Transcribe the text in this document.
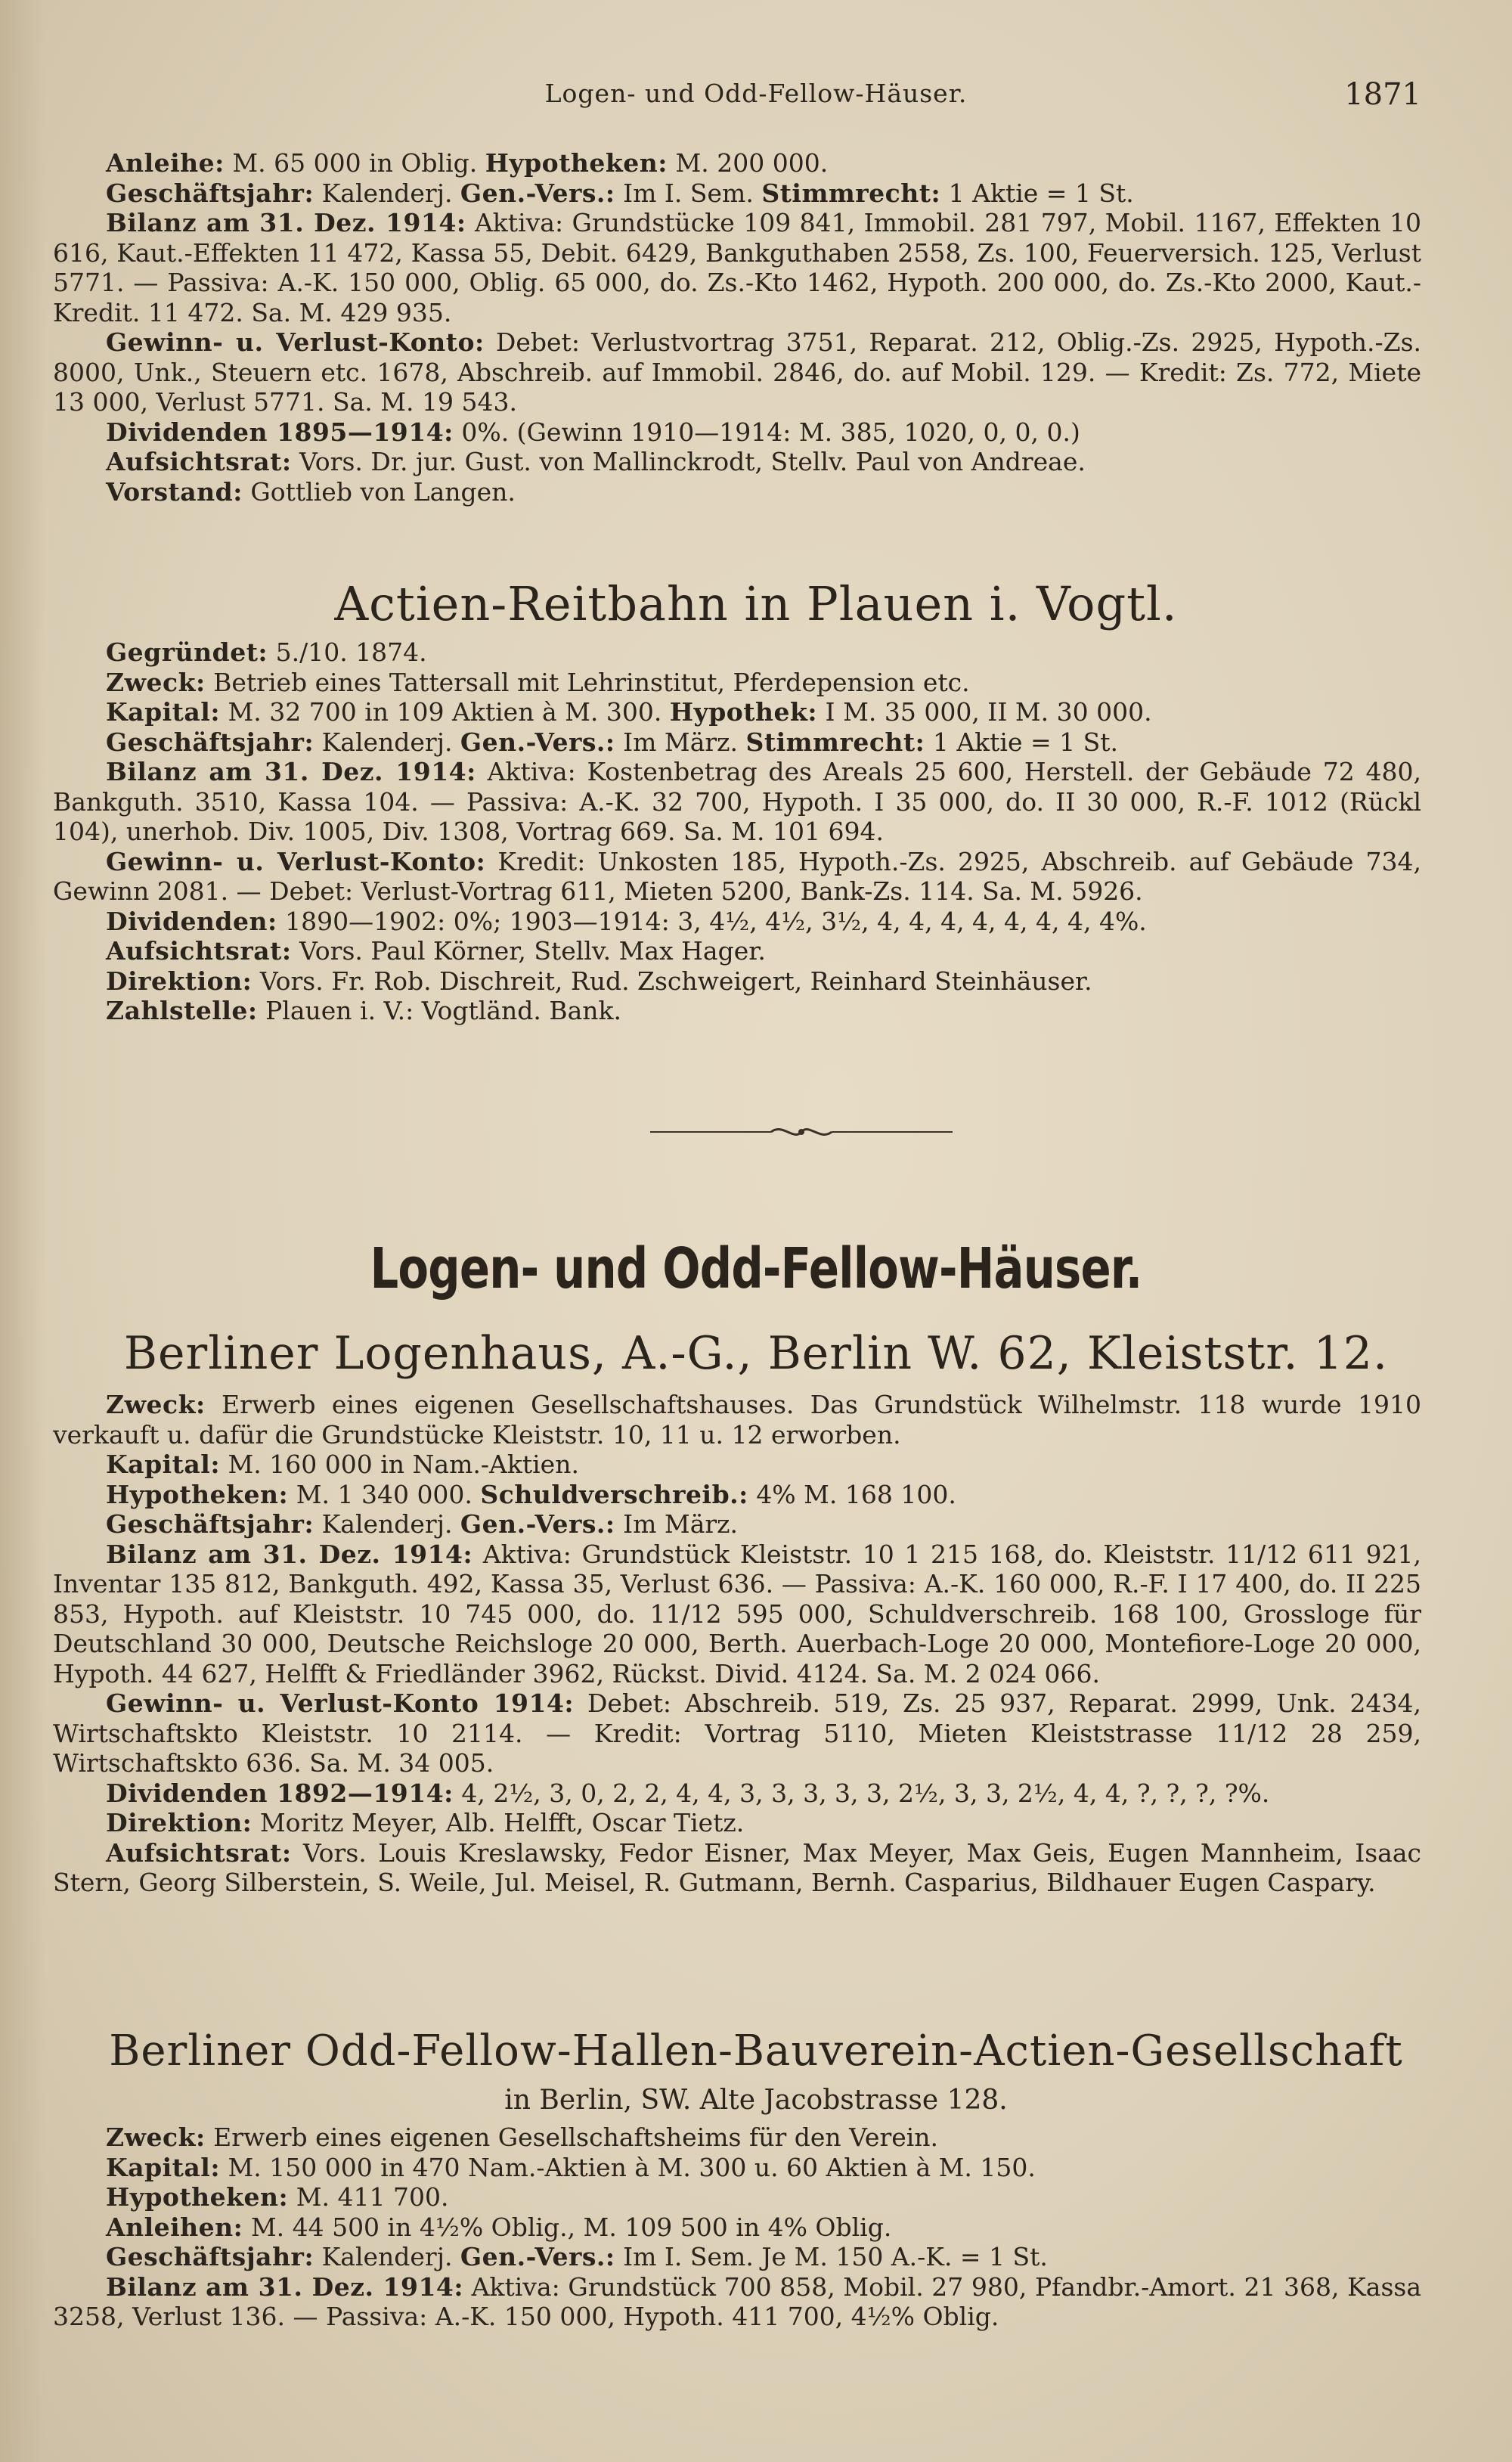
Logen- und Odd-Fellow-Häuser.	1871

Anleihe: M. 65 000 in Oblig. Hypotheken: M. 200 000.

Geschäftsjahr: Kalenderj. Gen.-Vers.: Im I. Sem. Stimmrecht: 1 Aktie = 1 St.

Bilanz am 31. Dez. 1914: Aktiva: Grundstücke 109 841, Immobil. 281 797, Mobil. 1167, Effekten 10 616, Kaut.-Effekten 11 472, Kassa 55, Debit. 6429, Bankguthaben 2558, Zs. 100, Feuerversich. 125, Verlust 5771. — Passiva: A.-K. 150 000, Oblig. 65 000, do. Zs.-Kto 1462, Hypoth. 200 000, do. Zs.-Kto 2000, Kaut.-Kredit. 11 472. Sa. M. 429 935.

Gewinn- u. Verlust-Konto: Debet: Verlustvortrag 3751, Reparat. 212, Oblig.-Zs. 2925, Hypoth.-Zs. 8000, Unk., Steuern etc. 1678, Abschreib. auf Immobil. 2846, do. auf Mobil. 129. — Kredit: Zs. 772, Miete 13 000, Verlust 5771. Sa. M. 19 543.

Dividenden 1895—1914: 0%. (Gewinn 1910—1914: M. 385, 1020, 0, 0, 0.)

Aufsichtsrat: Vors. Dr. jur. Gust. von Mallinckrodt, Stellv. Paul von Andreae.

Vorstand: Gottlieb von Langen.

Actien-Reitbahn in Plauen i. Vogtl.

Gegründet: 5./10. 1874.

Zweck: Betrieb eines Tattersall mit Lehrinstitut, Pferdepension etc.

Kapital: M. 32 700 in 109 Aktien à M. 300. Hypothek: I M. 35 000, II M. 30 000.

Geschäftsjahr: Kalenderj. Gen.-Vers.: Im März. Stimmrecht: 1 Aktie = 1 St.

Bilanz am 31. Dez. 1914: Aktiva: Kostenbetrag des Areals 25 600, Herstell. der Gebäude 72 480, Bankguth. 3510, Kassa 104. — Passiva: A.-K. 32 700, Hypoth. I 35 000, do. II 30 000, R.-F. 1012 (Rückl 104), unerhob. Div. 1005, Div. 1308, Vortrag 669. Sa. M. 101 694.

Gewinn- u. Verlust-Konto: Kredit: Unkosten 185, Hypoth.-Zs. 2925, Abschreib. auf Gebäude 734, Gewinn 2081. — Debet: Verlust-Vortrag 611, Mieten 5200, Bank-Zs. 114. Sa. M. 5926.

Dividenden: 1890—1902: 0%; 1903—1914: 3, 4½, 4½, 3½, 4, 4, 4, 4, 4, 4, 4, 4%.

Aufsichtsrat: Vors. Paul Körner, Stellv. Max Hager.

Direktion: Vors. Fr. Rob. Dischreit, Rud. Zschweigert, Reinhard Steinhäuser.

Zahlstelle: Plauen i. V.: Vogtländ. Bank.

Logen- und Odd-Fellow-Häuser.
Berliner Logenhaus, A.-G., Berlin W. 62, Kleiststr. 12.

Zweck: Erwerb eines eigenen Gesellschaftshauses. Das Grundstück Wilhelmstr. 118 wurde 1910 verkauft u. dafür die Grundstücke Kleiststr. 10, 11 u. 12 erworben.

Kapital: M. 160 000 in Nam.-Aktien.

Hypotheken: M. 1 340 000. Schuldverschreib.: 4% M. 168 100.

Geschäftsjahr: Kalenderj. Gen.-Vers.: Im März.

Bilanz am 31. Dez. 1914: Aktiva: Grundstück Kleiststr. 10 1 215 168, do. Kleiststr. 11/12 611 921, Inventar 135 812, Bankguth. 492, Kassa 35, Verlust 636. — Passiva: A.-K. 160 000, R.-F. I 17 400, do. II 225 853, Hypoth. auf Kleiststr. 10 745 000, do. 11/12 595 000, Schuldverschreib. 168 100, Grossloge für Deutschland 30 000, Deutsche Reichsloge 20 000, Berth. Auerbach-Loge 20 000, Montefiore-Loge 20 000, Hypoth. 44 627, Helfft & Friedländer 3962, Rückst. Divid. 4124. Sa. M. 2 024 066.

Gewinn- u. Verlust-Konto 1914: Debet: Abschreib. 519, Zs. 25 937, Reparat. 2999, Unk. 2434, Wirtschaftskto Kleiststr. 10 2114. — Kredit: Vortrag 5110, Mieten Kleiststrasse 11/12 28 259, Wirtschaftskto 636. Sa. M. 34 005.

Dividenden 1892—1914: 4, 2½, 3, 0, 2, 2, 4, 4, 3, 3, 3, 3, 3, 2½, 3, 3, 2½, 4, 4, ?, ?, ?, ?%.

Direktion: Moritz Meyer, Alb. Helfft, Oscar Tietz.

Aufsichtsrat: Vors. Louis Kreslawsky, Fedor Eisner, Max Meyer, Max Geis, Eugen Mannheim, Isaac Stern, Georg Silberstein, S. Weile, Jul. Meisel, R. Gutmann, Bernh. Casparius, Bildhauer Eugen Caspary.

Berliner Odd-Fellow-Hallen-Bauverein-Actien-Gesellschaft
in Berlin, SW. Alte Jacobstrasse 128.

Zweck: Erwerb eines eigenen Gesellschaftsheims für den Verein.

Kapital: M. 150 000 in 470 Nam.-Aktien à M. 300 u. 60 Aktien à M. 150.

Hypotheken: M. 411 700.

Anleihen: M. 44 500 in 4½% Oblig., M. 109 500 in 4% Oblig.

Geschäftsjahr: Kalenderj. Gen.-Vers.: Im I. Sem. Je M. 150 A.-K. = 1 St.

Bilanz am 31. Dez. 1914: Aktiva: Grundstück 700 858, Mobil. 27 980, Pfandbr.-Amort. 21 368, Kassa 3258, Verlust 136. — Passiva: A.-K. 150 000, Hypoth. 411 700, 4½% Oblig.
